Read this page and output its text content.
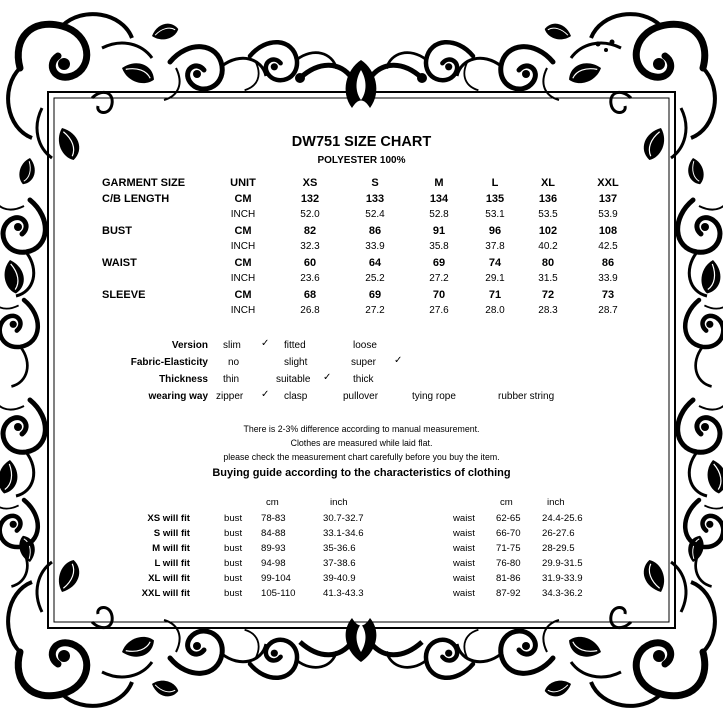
DW751 SIZE CHART
POLYESTER 100%
GARMENT SIZE	UNIT	XS	S	M	L	XL	XXL
C/B LENGTH	CM	132	133	134	135	136	137
INCH	52.0	52.4	52.8	53.1	53.5	53.9
BUST	CM	82	86	91	96	102	108
INCH	32.3	33.9	35.8	37.8	40.2	42.5
WAIST	CM	60	64	69	74	80	86
INCH	23.6	25.2	27.2	29.1	31.5	33.9
SLEEVE	CM	68	69	70	71	72	73
INCH	26.8	27.2	27.6	28.0	28.3	28.7
Version slim ✓ fitted	loose
Fabric-Elasticity no	slight	super ✓
Thickness thin	suitable ✓ thick
wearing way zipper ✓ clasp	pullover	tying rope	rubber string
There is 2-3% difference according to manual measurement.
Clothes are measured while laid flat.
please check the measurement chart carefully before you buy the item.
Buying guide according to the characteristics of clothing
cm	inch	cm	inch
XS will fit	bust 78-83	30.7-32.7	waist 62-65 24.4-25.6
S will fit	bust 84-88	33.1-34.6	waist 66-70 26-27.6
M will fit	bust 89-93	35-36.6	waist 71-75 28-29.5
L will fit	bust 94-98	37-38.6	waist 76-80 29.9-31.5
XL will fit	bust 99-104	39-40.9	waist 81-86 31.9-33.9
XXL will fit	bust 105-110	41.3-43.3	waist 87-92 34.3-36.2
